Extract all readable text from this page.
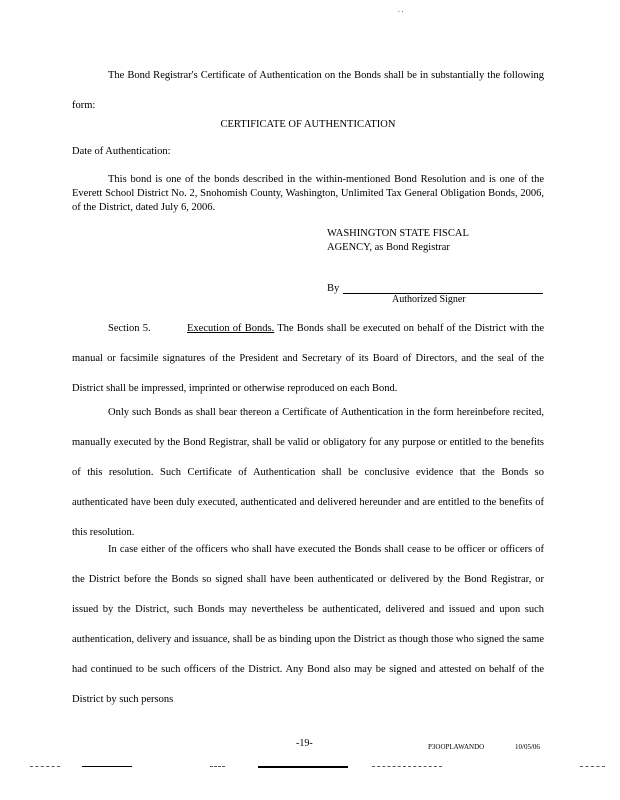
. .

The Bond Registrar's Certificate of Authentication on the Bonds shall be in substantially the following form:

CERTIFICATE OF AUTHENTICATION
Date of Authentication:

This bond is one of the bonds described in the within-mentioned Bond Resolution and is one of the Everett School District No. 2, Snohomish County, Washington, Unlimited Tax General Obligation Bonds, 2006, of the District, dated July 6, 2006.

WASHINGTON STATE FISCAL
AGENCY, as Bond Registrar
By
Authorized Signer
Section 5.	Execution of Bonds. The Bonds shall be executed on behalf of the District with the manual or facsimile signatures of the President and Secretary of its Board of Directors, and the seal of the District shall be impressed, imprinted or otherwise reproduced on each Bond.

Only such Bonds as shall bear thereon a Certificate of Authentication in the form hereinbefore recited, manually executed by the Bond Registrar, shall be valid or obligatory for any purpose or entitled to the benefits of this resolution. Such Certificate of Authentication shall be conclusive evidence that the Bonds so authenticated have been duly executed, authenticated and delivered hereunder and are entitled to the benefits of this resolution.

In case either of the officers who shall have executed the Bonds shall cease to be officer or officers of the District before the Bonds so signed shall have been authenticated or delivered by the Bond Registrar, or issued by the District, such Bonds may nevertheless be authenticated, delivered and issued and upon such authentication, delivery and issuance, shall be as binding upon the District as though those who signed the same had continued to be such officers of the District. Any Bond also may be signed and attested on behalf of the District by such persons

-19-	P3OOPLAWANDO	10/05/06
